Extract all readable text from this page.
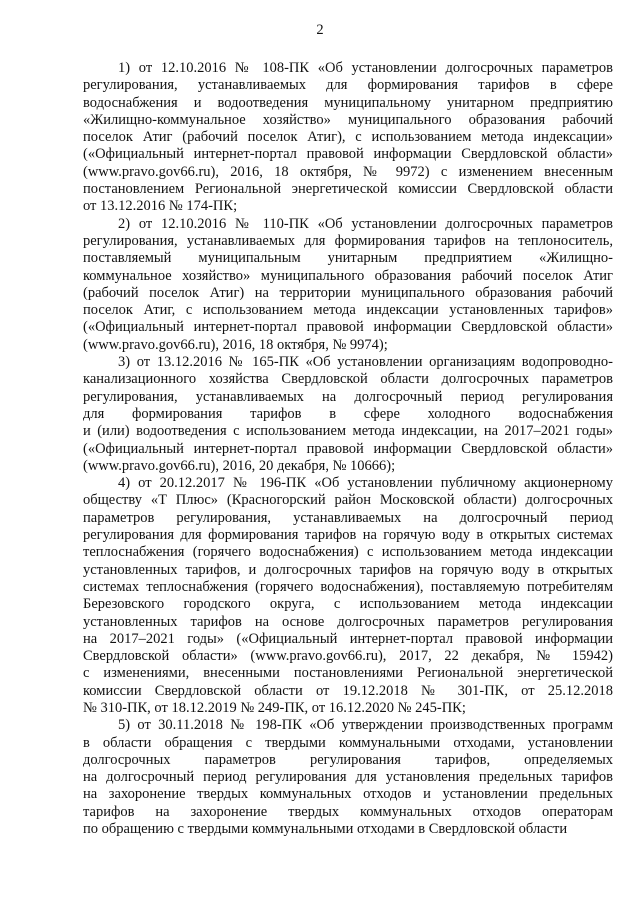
2
1) от 12.10.2016 № 108-ПК «Об установлении долгосрочных параметров
регулирования, устанавливаемых для формирования тарифов в сфере
водоснабжения и водоотведения муниципальному унитарном предприятию
«Жилищно-коммунальное хозяйство» муниципального образования рабочий
поселок Атиг (рабочий поселок Атиг), с использованием метода индексации»
(«Официальный интернет-портал правовой информации Свердловской области»
(www.pravo.gov66.ru), 2016, 18 октября, № 9972) с изменением внесенным
постановлением Региональной энергетической комиссии Свердловской области
от 13.12.2016 № 174-ПК;
2) от 12.10.2016 № 110-ПК «Об установлении долгосрочных параметров
регулирования, устанавливаемых для формирования тарифов на теплоноситель,
поставляемый муниципальным унитарным предприятием «Жилищно-
коммунальное хозяйство» муниципального образования рабочий поселок Атиг
(рабочий поселок Атиг) на территории муниципального образования рабочий
поселок Атиг, с использованием метода индексации установленных тарифов»
(«Официальный интернет-портал правовой информации Свердловской области»
(www.pravo.gov66.ru), 2016, 18 октября, № 9974);
3) от 13.12.2016 № 165-ПК «Об установлении организациям водопроводно-
канализационного хозяйства Свердловской области долгосрочных параметров
регулирования, устанавливаемых на долгосрочный период регулирования
для формирования тарифов в сфере холодного водоснабжения
и (или) водоотведения с использованием метода индексации, на 2017–2021 годы»
(«Официальный интернет-портал правовой информации Свердловской области»
(www.pravo.gov66.ru), 2016, 20 декабря, № 10666);
4) от 20.12.2017 № 196-ПК «Об установлении публичному акционерному
обществу «Т Плюс» (Красногорский район Московской области) долгосрочных
параметров регулирования, устанавливаемых на долгосрочный период
регулирования для формирования тарифов на горячую воду в открытых системах
теплоснабжения (горячего водоснабжения) с использованием метода индексации
установленных тарифов, и долгосрочных тарифов на горячую воду в открытых
системах теплоснабжения (горячего водоснабжения), поставляемую потребителям
Березовского городского округа, с использованием метода индексации
установленных тарифов на основе долгосрочных параметров регулирования
на 2017–2021 годы» («Официальный интернет-портал правовой информации
Свердловской области» (www.pravo.gov66.ru), 2017, 22 декабря, № 15942)
с изменениями, внесенными постановлениями Региональной энергетической
комиссии Свердловской области от 19.12.2018 № 301-ПК, от 25.12.2018
№ 310-ПК, от 18.12.2019 № 249-ПК, от 16.12.2020 № 245-ПК;
5) от 30.11.2018 № 198-ПК «Об утверждении производственных программ
в области обращения с твердыми коммунальными отходами, установлении
долгосрочных параметров регулирования тарифов, определяемых
на долгосрочный период регулирования для установления предельных тарифов
на захоронение твердых коммунальных отходов и установлении предельных
тарифов на захоронение твердых коммунальных отходов операторам
по обращению с твердыми коммунальными отходами в Свердловской области
